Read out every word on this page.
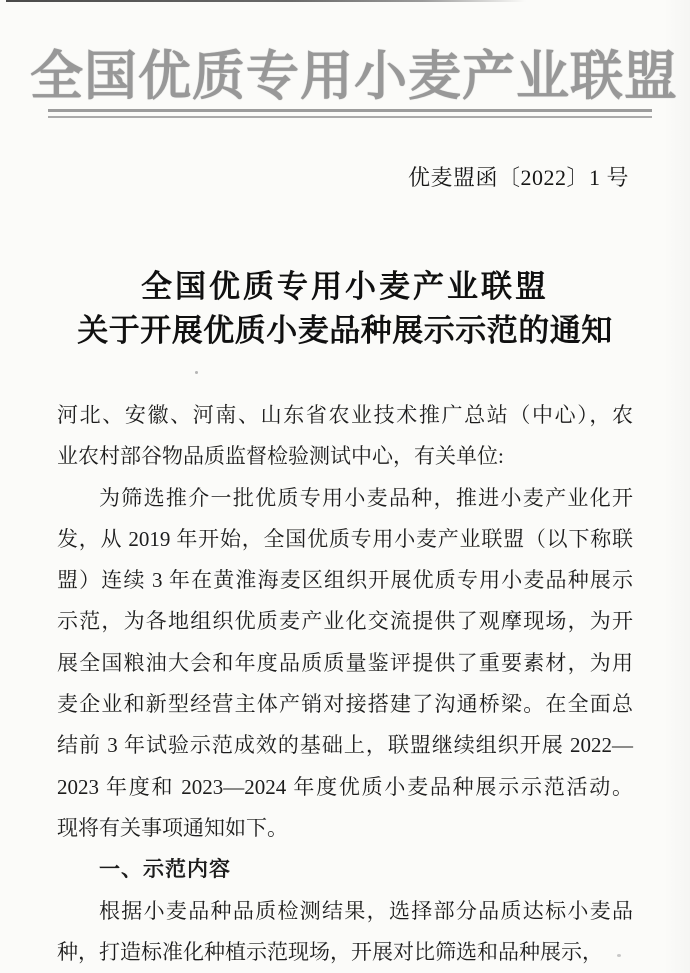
全国优质专用小麦产业联盟
优麦盟函〔2022〕1 号
全国优质专用小麦产业联盟
关于开展优质小麦品种展示示范的通知
河北、安徽、河南、山东省农业技术推广总站（中心），农
业农村部谷物品质监督检验测试中心，有关单位:
为筛选推介一批优质专用小麦品种，推进小麦产业化开
发，从 2019 年开始，全国优质专用小麦产业联盟（以下称联
盟）连续 3 年在黄淮海麦区组织开展优质专用小麦品种展示
示范，为各地组织优质麦产业化交流提供了观摩现场，为开
展全国粮油大会和年度品质质量鉴评提供了重要素材，为用
麦企业和新型经营主体产销对接搭建了沟通桥梁。在全面总
结前 3 年试验示范成效的基础上，联盟继续组织开展 2022—
2023 年度和 2023—2024 年度优质小麦品种展示示范活动。
现将有关事项通知如下。
一、示范内容
根据小麦品种品质检测结果，选择部分品质达标小麦品
种，打造标准化种植示范现场，开展对比筛选和品种展示，
